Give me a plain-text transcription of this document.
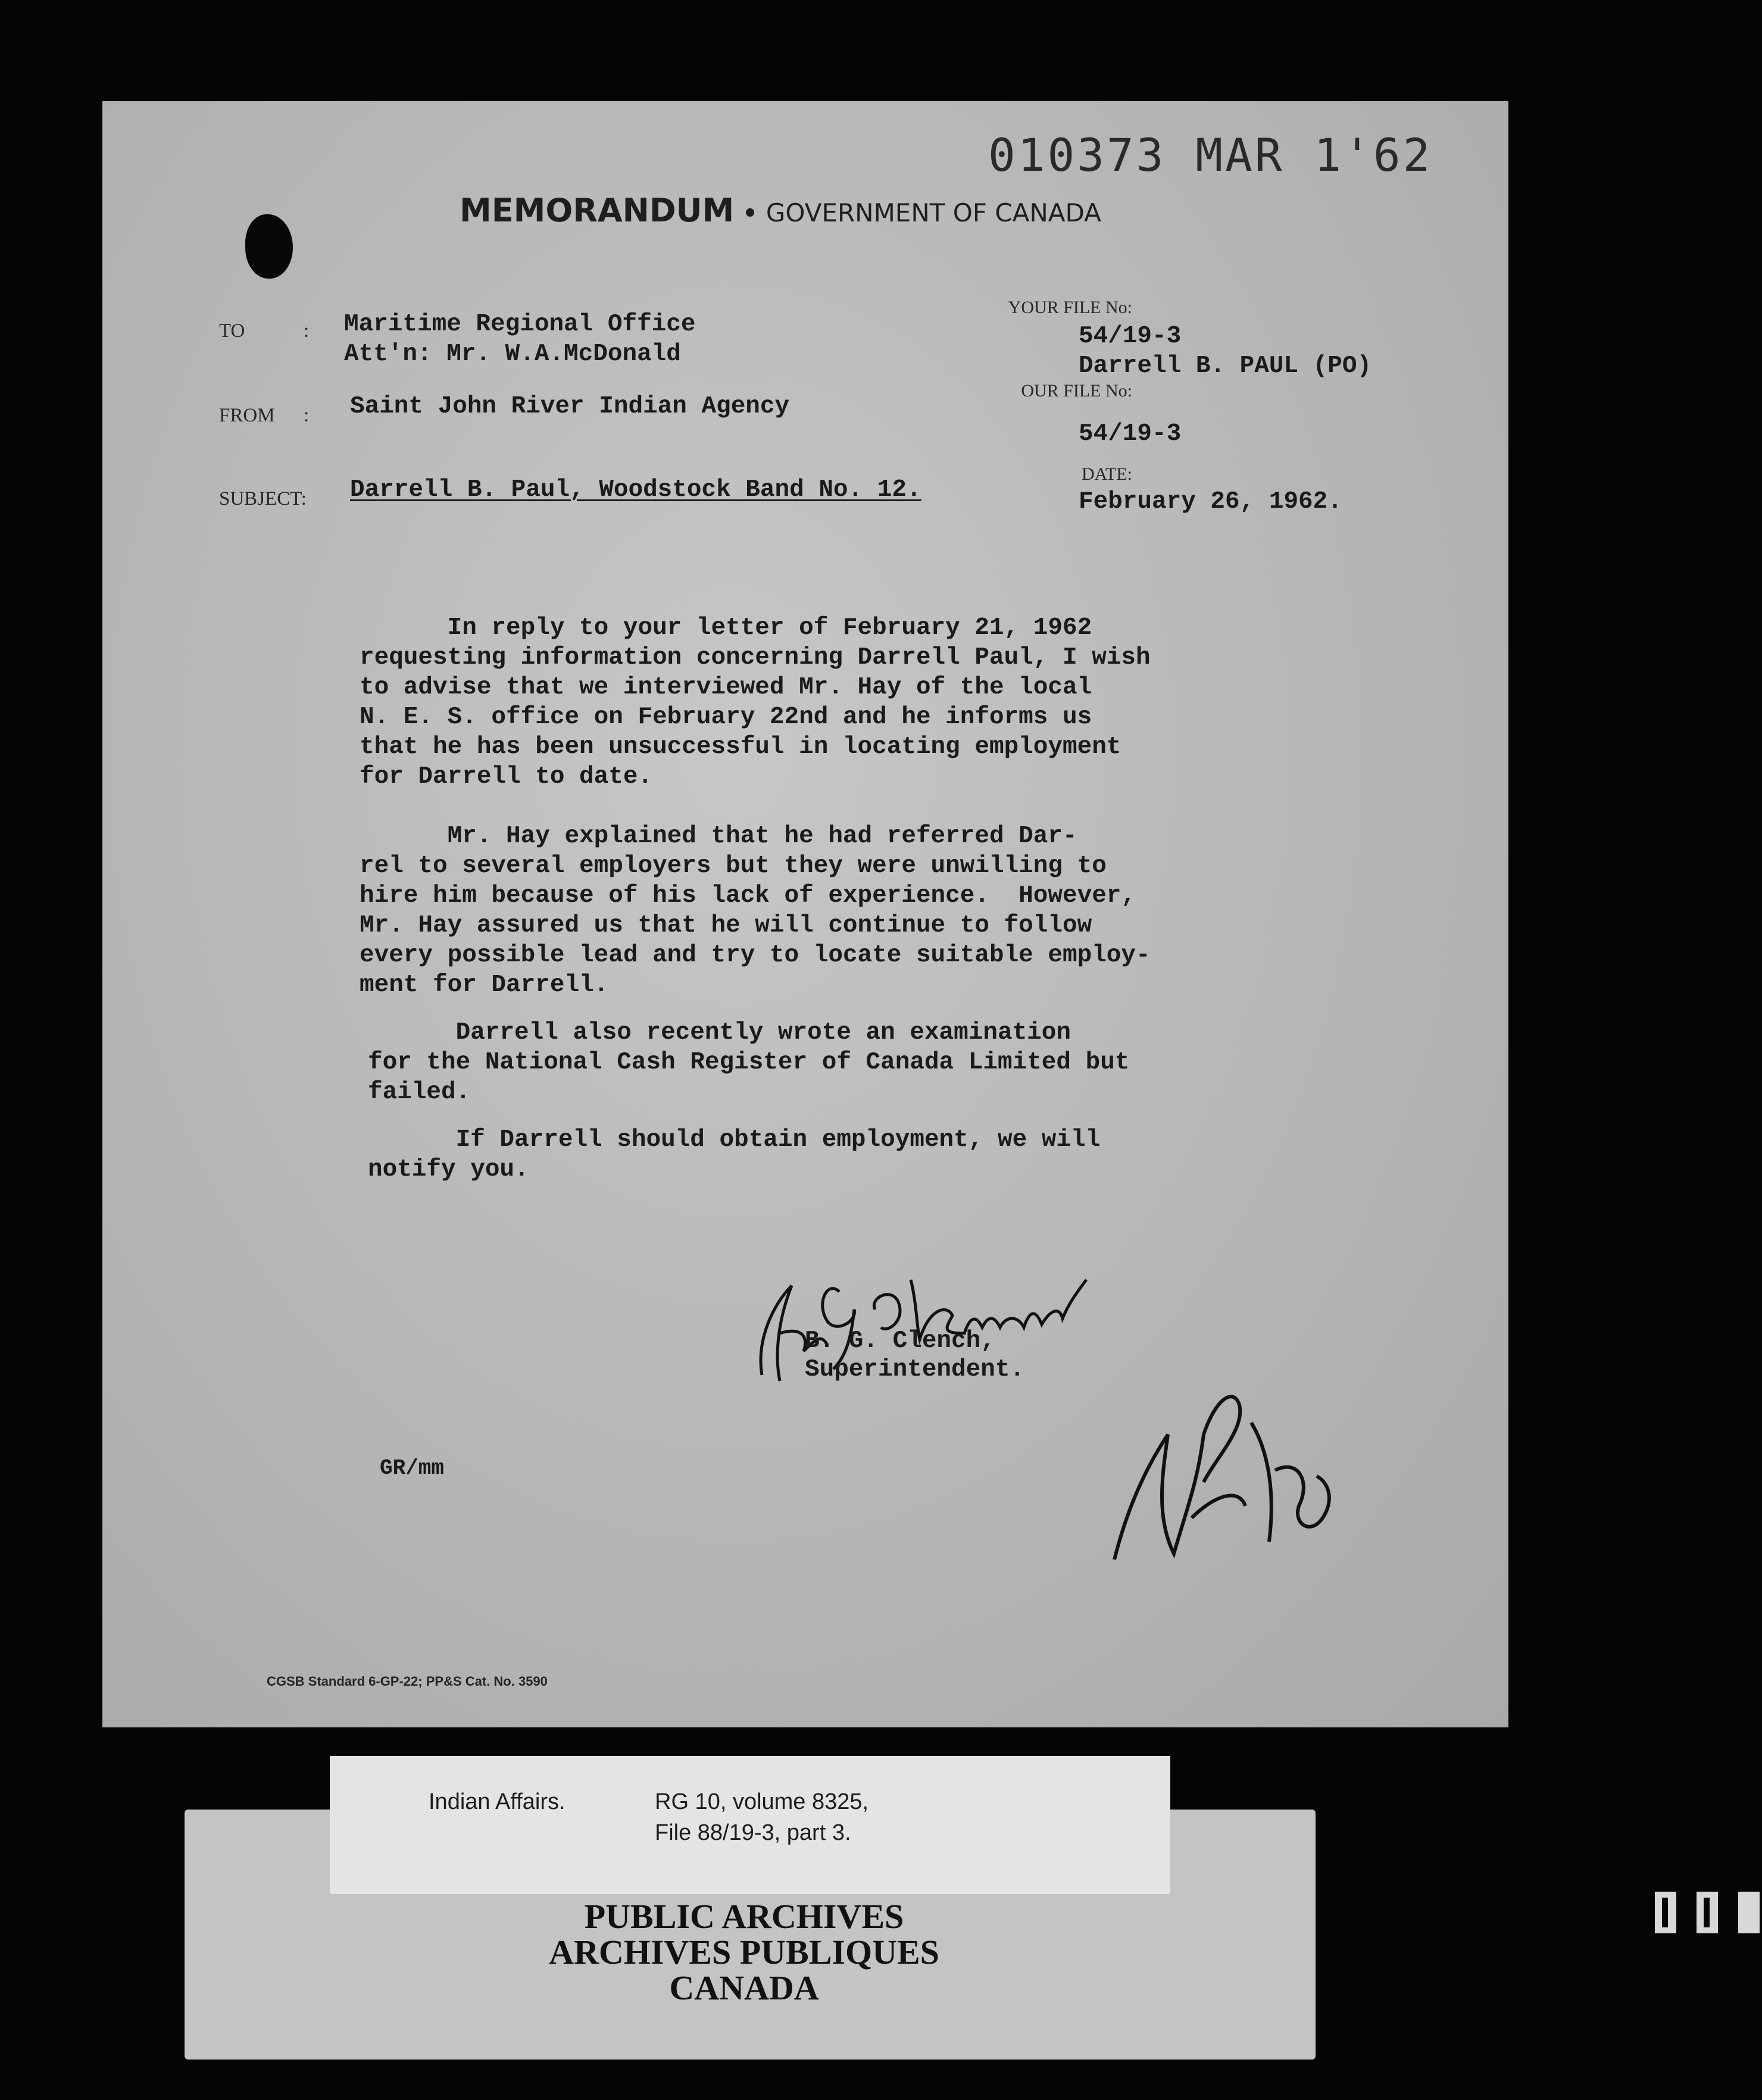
010373 MAR 1'62
MEMORANDUM • GOVERNMENT OF CANADA
TO	: Maritime Regional Office
Att'n: Mr. W.A.McDonald
FROM : Saint John River Indian Agency
SUBJECT: Darrell B. Paul, Woodstock Band No. 12.
YOUR FILE No:
54/19-3
Darrell B. PAUL (PO)
OUR FILE No:
54/19-3
DATE:
February 26, 1962.
In reply to your letter of February 21, 1962
requesting information concerning Darrell Paul, I wish
to advise that we interviewed Mr. Hay of the local
N. E. S. office on February 22nd and he informs us
that he has been unsuccessful in locating employment
for Darrell to date.
Mr. Hay explained that he had referred Dar-
rel to several employers but they were unwilling to
hire him because of his lack of experience.  However,
Mr. Hay assured us that he will continue to follow
every possible lead and try to locate suitable employ-
ment for Darrell.
Darrell also recently wrote an examination
for the National Cash Register of Canada Limited but
failed.
If Darrell should obtain employment, we will
notify you.
B. G. Clench,
Superintendent.
GR/mm
CGSB Standard 6-GP-22; PP&S Cat. No. 3590
Indian Affairs.	RG 10, volume 8325,
File 88/19-3, part 3.
PUBLIC ARCHIVES
ARCHIVES PUBLIQUES
CANADA
